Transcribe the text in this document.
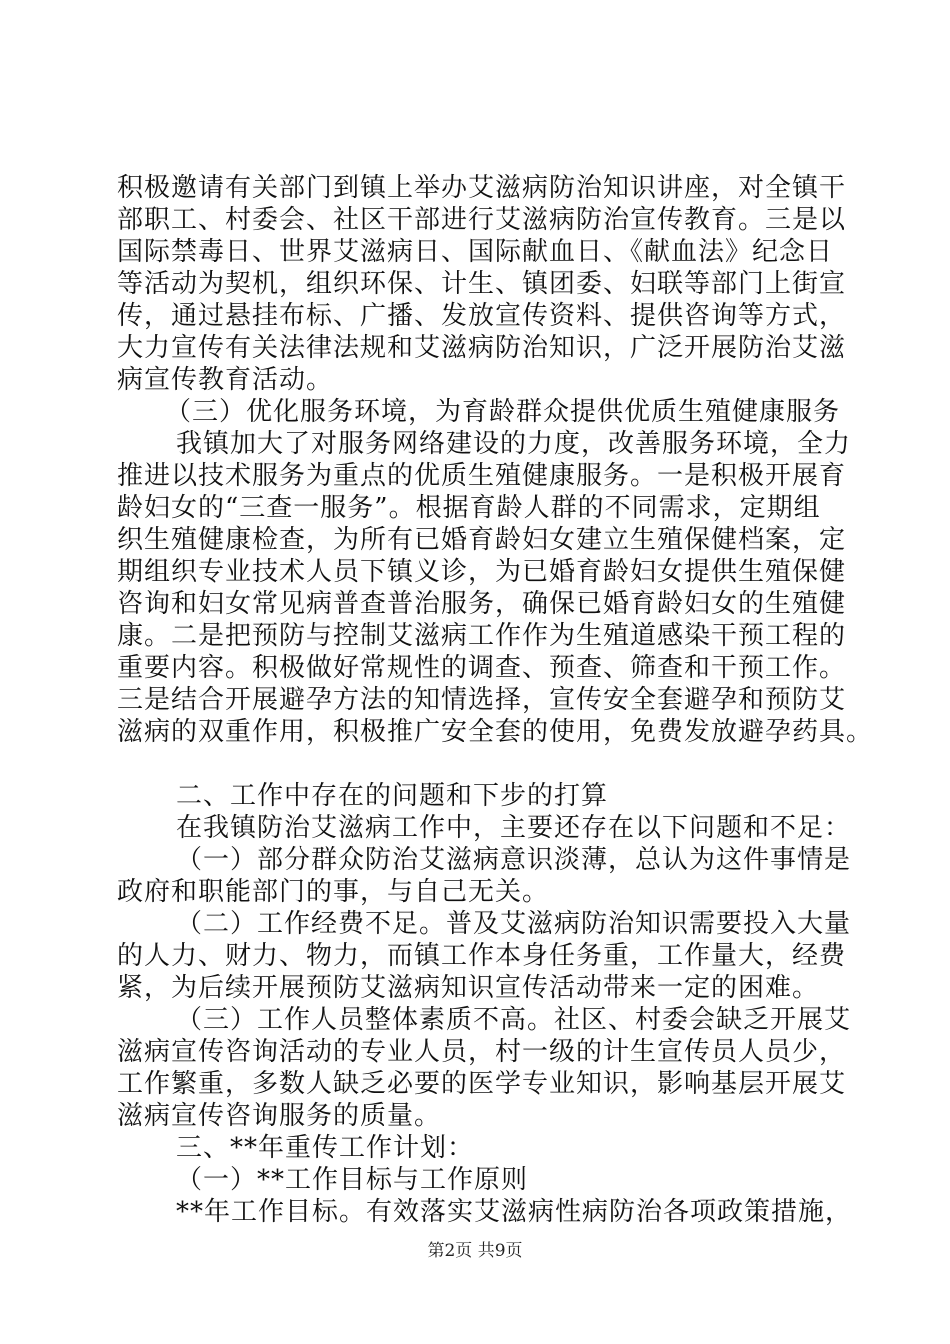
积极邀请有关部门到镇上举办艾滋病防治知识讲座，对全镇干
部职工、村委会、社区干部进行艾滋病防治宣传教育。三是以
国际禁毒日、世界艾滋病日、国际献血日、《献血法》纪念日
等活动为契机，组织环保、计生、镇团委、妇联等部门上街宣
传，通过悬挂布标、广播、发放宣传资料、提供咨询等方式，
大力宣传有关法律法规和艾滋病防治知识，广泛开展防治艾滋
病宣传教育活动。
（三）优化服务环境，为育龄群众提供优质生殖健康服务
我镇加大了对服务网络建设的力度，改善服务环境，全力
推进以技术服务为重点的优质生殖健康服务。一是积极开展育
龄妇女的“三查一服务”。根据育龄人群的不同需求，定期组
织生殖健康检查，为所有已婚育龄妇女建立生殖保健档案，定
期组织专业技术人员下镇义诊，为已婚育龄妇女提供生殖保健
咨询和妇女常见病普查普治服务，确保已婚育龄妇女的生殖健
康。二是把预防与控制艾滋病工作作为生殖道感染干预工程的
重要内容。积极做好常规性的调查、预查、筛查和干预工作。
三是结合开展避孕方法的知情选择，宣传安全套避孕和预防艾
滋病的双重作用，积极推广安全套的使用，免费发放避孕药具。
二、工作中存在的问题和下步的打算
在我镇防治艾滋病工作中，主要还存在以下问题和不足：
（一）部分群众防治艾滋病意识淡薄，总认为这件事情是
政府和职能部门的事，与自己无关。
（二）工作经费不足。普及艾滋病防治知识需要投入大量
的人力、财力、物力，而镇工作本身任务重，工作量大，经费
紧，为后续开展预防艾滋病知识宣传活动带来一定的困难。
（三）工作人员整体素质不高。社区、村委会缺乏开展艾
滋病宣传咨询活动的专业人员，村一级的计生宣传员人员少，
工作繁重，多数人缺乏必要的医学专业知识，影响基层开展艾
滋病宣传咨询服务的质量。
三、**年重传工作计划：
（一）**工作目标与工作原则
**年工作目标。有效落实艾滋病性病防治各项政策措施，
第2页 共9页
